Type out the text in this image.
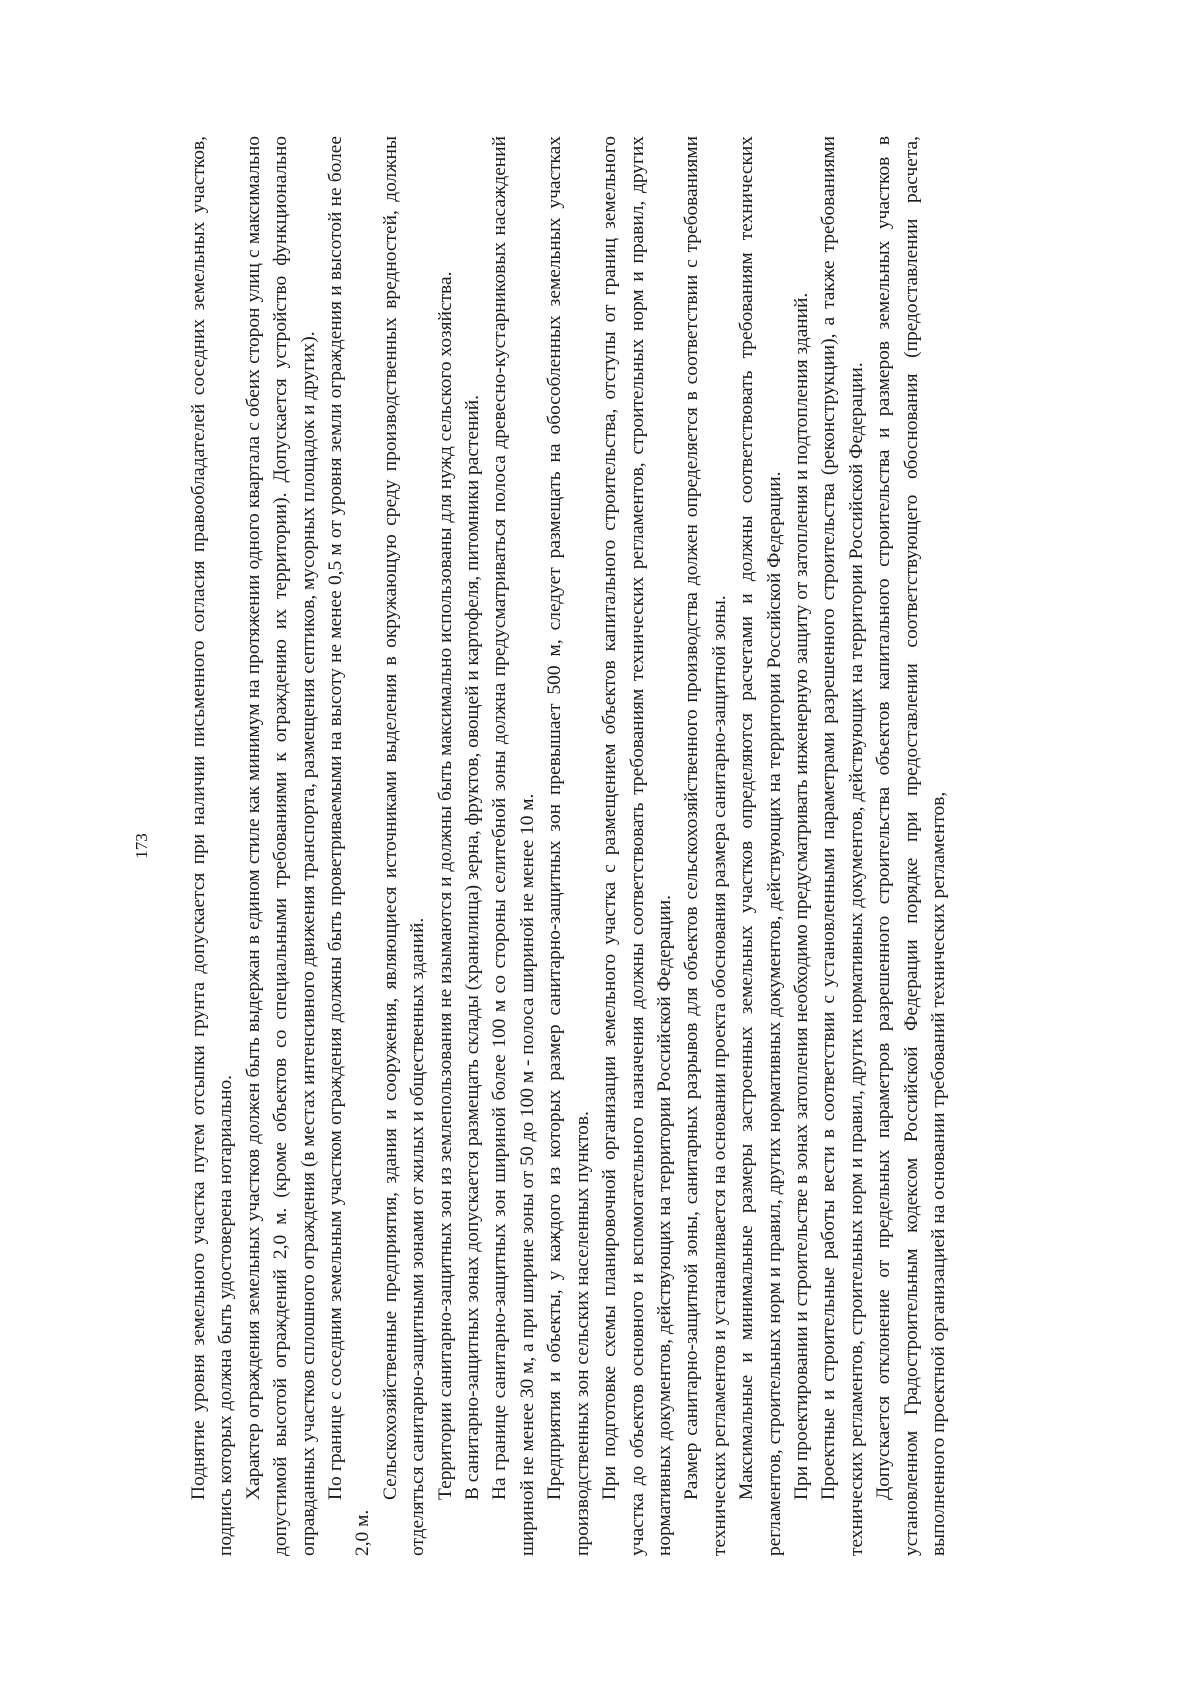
173 Поднятие уровня земельного участка путем отсыпки грунта допускается при наличии письменного согласия правообладателей соседних земельных участков, подпись которых должна быть удостоверена нотариально. Характер ограждения земельных участков должен быть выдержан в едином стиле как минимум на протяжении одного квартала с обеих сторон улиц с максимально допустимой высотой ограждений 2,0 м. (кроме объектов со специальными требованиями к ограждению их территории). Допускается устройство функционально оправданных участков сплошного ограждения (в местах интенсивного движения транспорта, размещения септиков, мусорных площадок и других). По границе с соседним земельным участком ограждения должны быть проветриваемыми на высоту не менее 0,5 м от уровня земли ограждения и высотой не более 2,0 м.

Сельскохозяйственные предприятия, здания и сооружения, являющиеся источниками выделения в окружающую среду производственных вредностей, должны отделяться санитарно-защитными зонами от жилых и общественных зданий. Территории санитарно-защитных зон из землепользования не изымаются и должны быть максимально использованы для нужд сельского хозяйства. В санитарно-защитных зонах допускается размещать склады (хранилища) зерна, фруктов, овощей и картофеля, питомники растений. На границе санитарно-защитных зон шириной более 100 м со стороны селитебной зоны должна предусматриваться полоса древесно-кустарниковых насаждений шириной не менее 30 м, а при ширине зоны от 50 до 100 м - полоса шириной не менее 10 м. Предприятия и объекты, у каждого из которых размер санитарно-защитных зон превышает 500 м, следует размещать на обособленных земельных участках производственных зон сельских населенных пунктов. При подготовке схемы планировочной организации земельного участка с размещением объектов капитального строительства, отступы от границ земельного участка до объектов основного и вспомогательного назначения должны соответствовать требованиям технических регламентов, строительных норм и правил, других нормативных документов, действующих на территории Российской Федерации. Размер санитарно-защитной зоны, санитарных разрывов для объектов сельскохозяйственного производства должен определяется в соответствии с требованиями технических регламентов и устанавливается на основании проекта обоснования размера санитарно-защитной зоны. Максимальные и минимальные размеры застроенных земельных участков определяются расчетами и должны соответствовать требованиям технических регламентов, строительных норм и правил, других нормативных документов, действующих на территории Российской Федерации. При проектировании и строительстве в зонах затопления необходимо предусматривать инженерную защиту от затопления и подтопления зданий. Проектные и строительные работы вести в соответствии с установленными параметрами разрешенного строительства (реконструкции), а также требованиями технических регламентов, строительных норм и правил, других нормативных документов, действующих на территории Российской Федерации. Допускается отклонение от предельных параметров разрешенного строительства объектов капитального строительства и размеров земельных участков в установленном Градостроительным кодексом Российской Федерации порядке при предоставлении соответствующего обоснования (предоставлении расчета, выполненного проектной организацией на основании требований технических регламентов,
